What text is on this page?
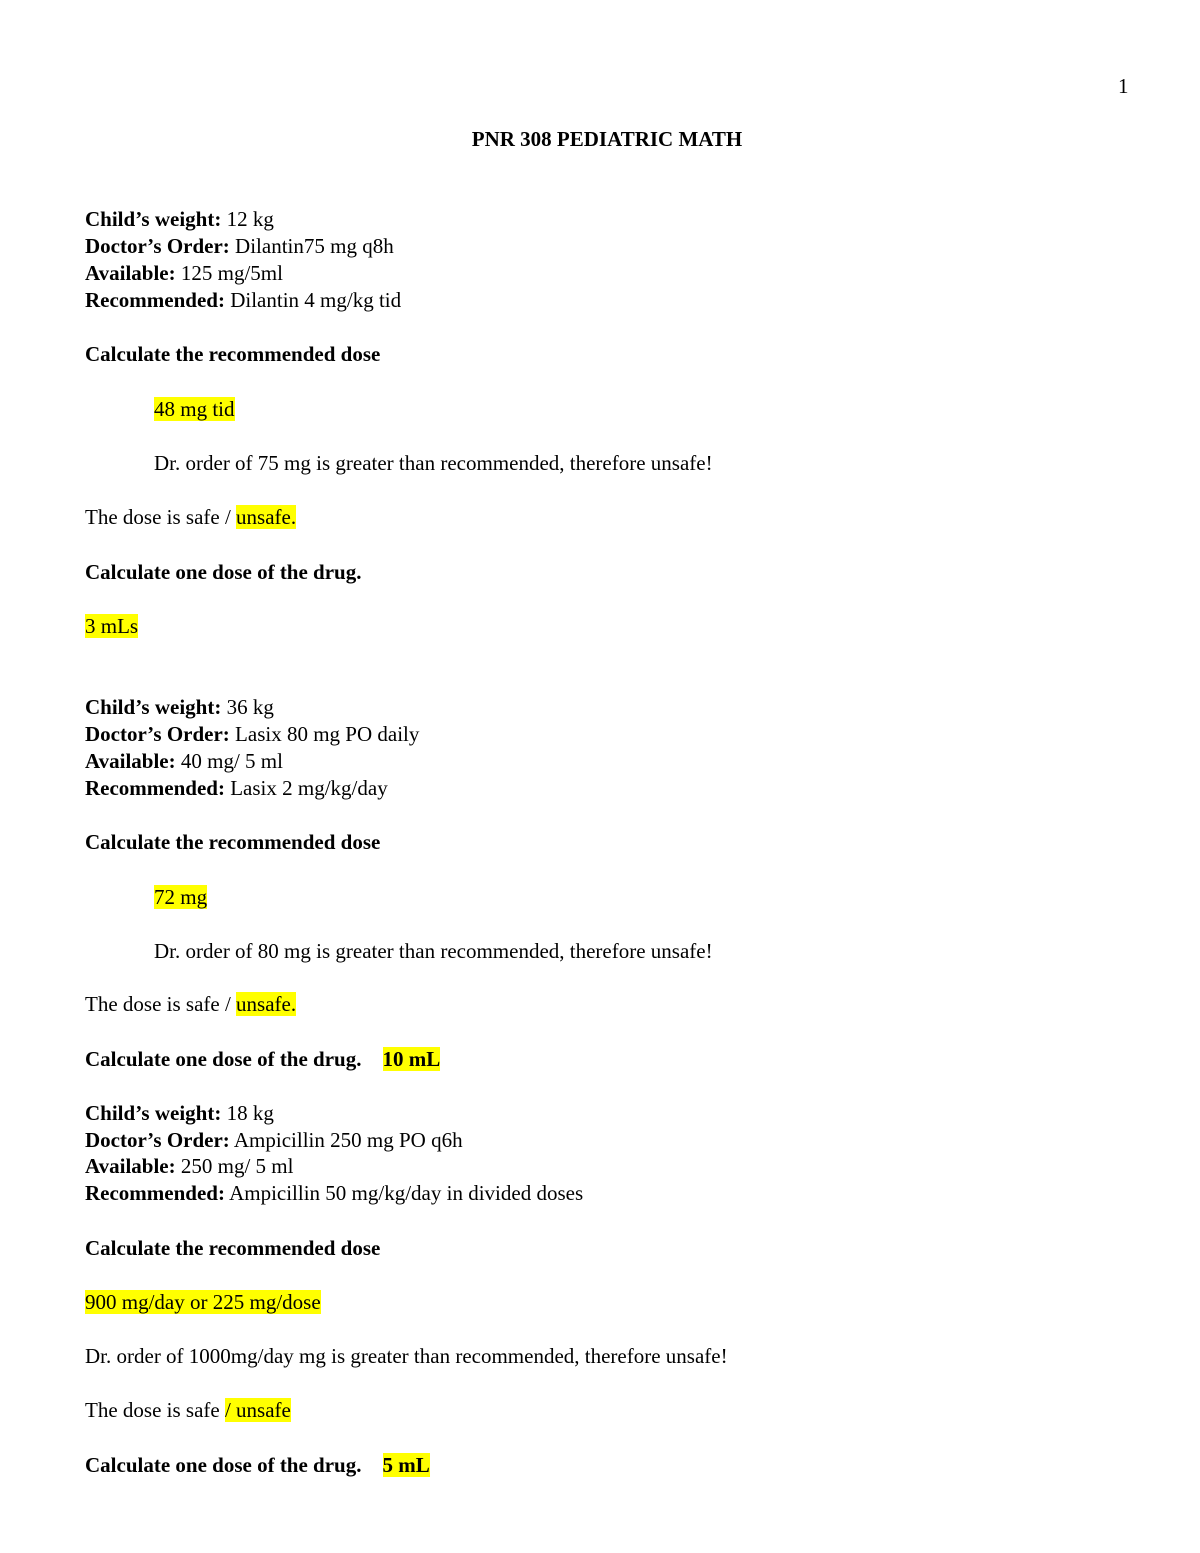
1
PNR 308 PEDIATRIC MATH
Child’s weight: 12 kg
Doctor’s Order: Dilantin75 mg q8h
Available: 125 mg/5ml
Recommended: Dilantin 4 mg/kg tid
Calculate the recommended dose
48 mg tid
Dr. order of 75 mg is greater than recommended, therefore unsafe!
The dose is safe / unsafe.
Calculate one dose of the drug.
3 mLs
Child’s weight: 36 kg
Doctor’s Order: Lasix 80 mg PO daily
Available: 40 mg/ 5 ml
Recommended: Lasix 2 mg/kg/day
Calculate the recommended dose
72 mg
Dr. order of 80 mg is greater than recommended, therefore unsafe!
The dose is safe / unsafe.
Calculate one dose of the drug. 10 mL
Child’s weight: 18 kg
Doctor’s Order: Ampicillin 250 mg PO q6h
Available: 250 mg/ 5 ml
Recommended: Ampicillin 50 mg/kg/day in divided doses
Calculate the recommended dose
900 mg/day or 225 mg/dose
Dr. order of 1000mg/day mg is greater than recommended, therefore unsafe!
The dose is safe / unsafe
Calculate one dose of the drug. 5 mL
